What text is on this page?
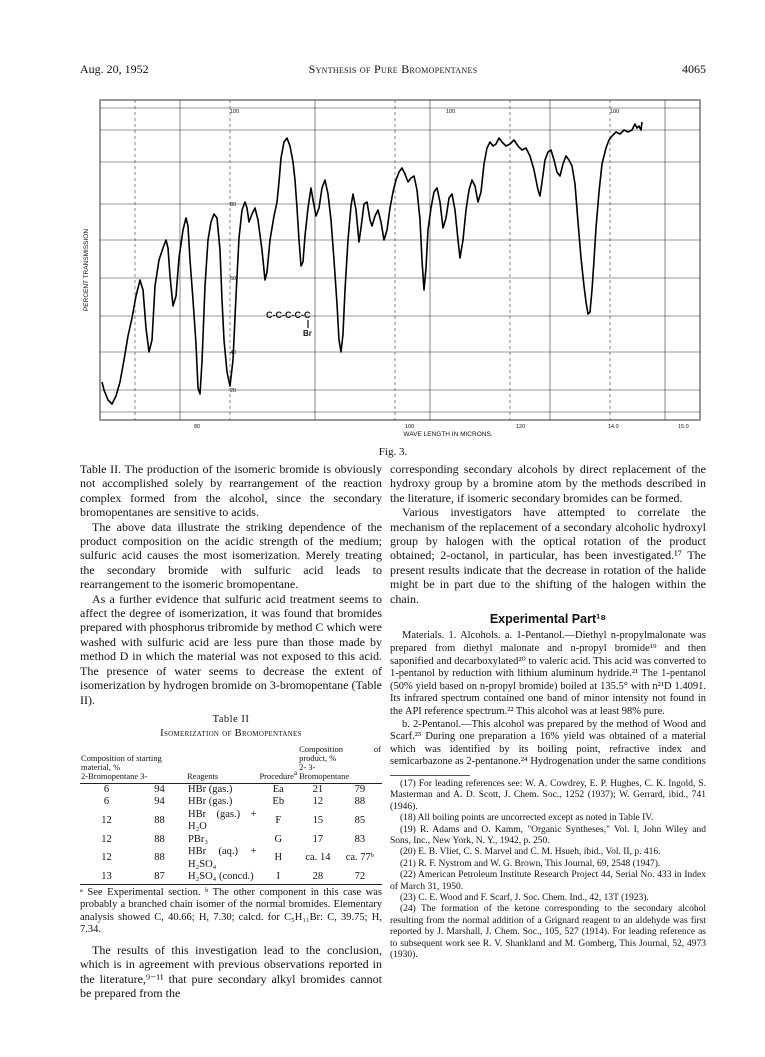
Aug. 20, 1952	Synthesis of Pure Bromopentanes	4065
100	100	100
80
60
40
20
80	100	120	14.0	15.0
PERCENT TRANSMISSION
WAVE LENGTH IN MICRONS.
C-C-C-C-C
Br
Fig. 3.

Table II. The production of the isomeric bromide is obviously not accomplished solely by rearrangement of the reaction complex formed from the alcohol, since the secondary bromopentanes are sensitive to acids.

The above data illustrate the striking dependence of the product composition on the acidic strength of the medium; sulfuric acid causes the most isomerization. Merely treating the secondary bromide with sulfuric acid leads to rearrangement to the isomeric bromopentane.

As a further evidence that sulfuric acid treatment seems to affect the degree of isomerization, it was found that bromides prepared with phosphorus tribromide by method C which were washed with sulfuric acid are less pure than those made by method D in which the material was not exposed to this acid. The presence of water seems to decrease the extent of isomerization by hydrogen bromide on 3-bromopentane (Table II).

Table II
Isomerization of Bromopentanes
Composition of starting material, %
2-Bromopentane 3-		Reagents	Procedure$^a$	Composition of product, %
2- 3-
Bromopentane	
6	94	HBr (gas.)	Ea	21	79
6	94	HBr (gas.)	Eb	12	88
12	88	HBr (gas.) + H₂O	F	15	85
12	88	PBr₃	G	17	83
12	88	HBr (aq.) + H₂SO₄	H	ca. 14	ca. 77ᵇ
13	87	H₂SO₄ (concd.)	I	28	72
ᵃ See Experimental section. ᵇ The other component in this case was probably a branched chain isomer of the normal bromides. Elementary analysis showed C, 40.66; H, 7.30; calcd. for C₅H₁₁Br: C, 39.75; H, 7.34.

The results of this investigation lead to the conclusion, which is in agreement with previous observations reported in the literature,⁹⁻¹¹ that pure secondary alkyl bromides cannot be prepared from the

corresponding secondary alcohols by direct replacement of the hydroxy group by a bromine atom by the methods described in the literature, if isomeric secondary bromides can be formed.

Various investigators have attempted to correlate the mechanism of the replacement of a secondary alcoholic hydroxyl group by halogen with the optical rotation of the product obtained; 2-octanol, in particular, has been investigated.¹⁷ The present results indicate that the decrease in rotation of the halide might be in part due to the shifting of the halogen within the chain.

Experimental Part¹⁸

Materials. 1. Alcohols. a. 1-Pentanol.—Diethyl n-propylmalonate was prepared from diethyl malonate and n-propyl bromide¹⁹ and then saponified and decarboxylated²⁰ to valeric acid. This acid was converted to 1-pentanol by reduction with lithium aluminum hydride.²¹ The 1-pentanol (50% yield based on n-propyl bromide) boiled at 135.5° with n²¹D 1.4091. Its infrared spectrum contained one band of minor intensity not found in the API reference spectrum.²² This alcohol was at least 98% pure.

b. 2-Pentanol.—This alcohol was prepared by the method of Wood and Scarf.²³ During one preparation a 16% yield was obtained of a material which was identified by its boiling point, refractive index and semicarbazone as 2-pentanone.²⁴ Hydrogenation under the same conditions

(17) For leading references see: W. A. Cowdrey, E. P. Hughes, C. K. Ingold, S. Masterman and A. D. Scott, J. Chem. Soc., 1252 (1937); W. Gerrard, ibid., 741 (1946).

(18) All boiling points are uncorrected except as noted in Table IV.

(19) R. Adams and O. Kamm, "Organic Syntheses," Vol. I, John Wiley and Sons, Inc., New York, N. Y., 1942, p. 250.

(20) E. B. Vliet, C. S. Marvel and C. M. Hsueh, ibid., Vol. II, p. 416.

(21) R. F. Nystrom and W. G. Brown, This Journal, 69, 2548 (1947).

(22) American Petroleum Institute Research Project 44, Serial No. 433 in Index of March 31, 1950.

(23) C. E. Wood and F. Scarf, J. Soc. Chem. Ind., 42, 13T (1923).

(24) The formation of the ketone corresponding to the secondary alcohol resulting from the normal addition of a Grignard reagent to an aldehyde was first reported by J. Marshall, J. Chem. Soc., 105, 527 (1914). For leading reference as to subsequent work see R. V. Shankland and M. Gomberg, This Journal, 52, 4973 (1930).
